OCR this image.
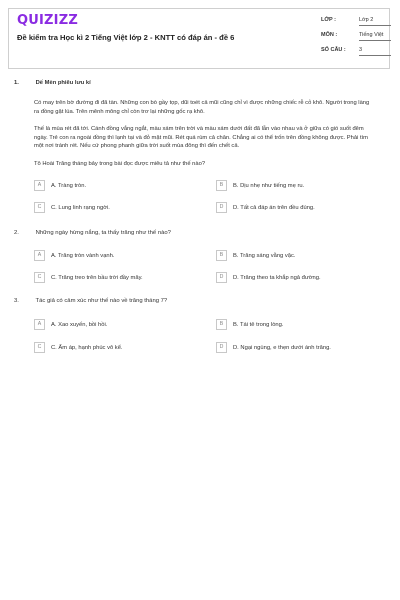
QUIZIZZ
Đề kiểm tra Học kì 2 Tiếng Việt lớp 2 - KNTT có đáp án - đề 6
LỚP :	Lớp 2
MÔN :	Tiếng Việt
SỐ CÂU : 3
1.	Dế Mèn phiêu lưu kí
Có may trên bờ đường đi đã tàn. Những con bò gầy tọp, dũi toét cả mũi cũng chỉ vì được những chiếc rễ cỏ khô. Người trong làng ra đồng gặt lúa. Trên mênh mông chỉ còn trơ lại những gốc rạ khô.
Thế là mùa rét đã tới. Cánh đồng vắng ngắt, màu xám trên trời và màu xám dưới đất đã lẫn vào nhau và ở giữa có gió suốt đêm ngày. Trẻ con ra ngoài đồng thì lạnh tại và đỏ mặt mũi. Rét quá rùm cả chân. Chẳng ai có thể trốn trên đồng không được. Phải tìm một nơi tránh rét. Nếu cứ phong phanh giữa trời suốt mùa đông thì đến chết cả.
Tô Hoài Trăng tháng bảy trong bài đọc được miêu tả như thế nào?
A	A. Tràng tròn.	B	B. Dịu nhẹ như tiếng mẹ ru.
C	C. Lung linh rạng ngời.	D	D. Tất cả đáp án trên đều đúng.
2.	Những ngày hừng nắng, ta thấy trăng như thế nào?
A	A. Trăng tròn vành vạnh.	B	B. Trăng sáng vằng vặc.
C	C. Trăng treo trên bầu trời đầy mây.	D	D. Trăng theo ta khắp ngả đường.
3.	Tác giả có cảm xúc như thế nào về trăng tháng 7?
A	A. Xao xuyến, bồi hồi.	B	B. Tái tê trong lòng.
C	C. Ấm áp, hạnh phúc vô kể.	D	D. Ngại ngùng, e thẹn dưới ánh trăng.
